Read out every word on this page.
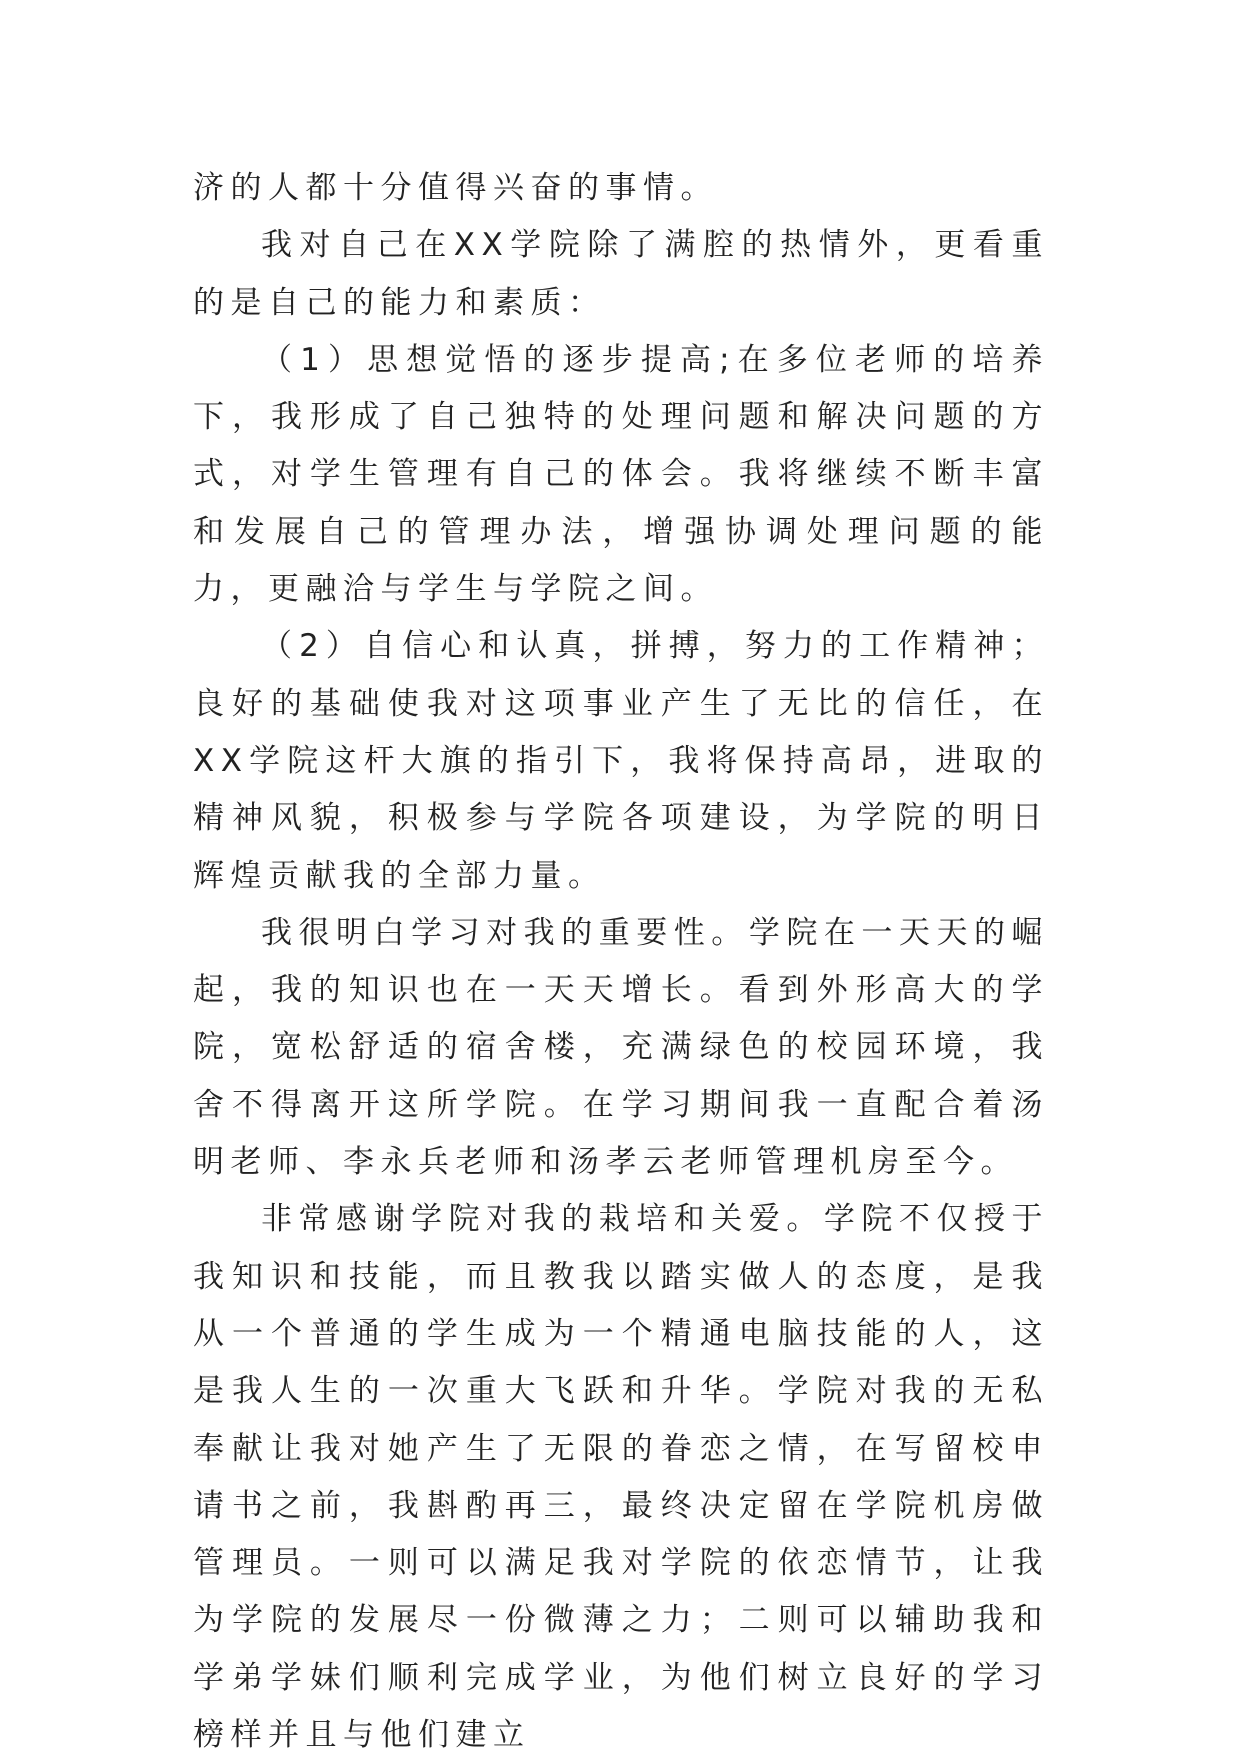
济的人都十分值得兴奋的事情。

我对自己在XX学院除了满腔的热情外，更看重的是自己的能力和素质：

（1）思想觉悟的逐步提高;在多位老师的培养下，我形成了自己独特的处理问题和解决问题的方式，对学生管理有自己的体会。我将继续不断丰富和发展自己的管理办法，增强协调处理问题的能力，更融洽与学生与学院之间。

（2）自信心和认真，拼搏，努力的工作精神；良好的基础使我对这项事业产生了无比的信任，在XX学院这杆大旗的指引下，我将保持高昂，进取的精神风貌，积极参与学院各项建设，为学院的明日辉煌贡献我的全部力量。

我很明白学习对我的重要性。学院在一天天的崛起，我的知识也在一天天增长。看到外形高大的学院，宽松舒适的宿舍楼，充满绿色的校园环境，我舍不得离开这所学院。在学习期间我一直配合着汤明老师、李永兵老师和汤孝云老师管理机房至今。

非常感谢学院对我的栽培和关爱。学院不仅授于我知识和技能，而且教我以踏实做人的态度，是我从一个普通的学生成为一个精通电脑技能的人，这是我人生的一次重大飞跃和升华。学院对我的无私奉献让我对她产生了无限的眷恋之情，在写留校申请书之前，我斟酌再三，最终决定留在学院机房做管理员。一则可以满足我对学院的依恋情节，让我为学院的发展尽一份微薄之力；二则可以辅助我和学弟学妹们顺利完成学业，为他们树立良好的学习榜样并且与他们建立
